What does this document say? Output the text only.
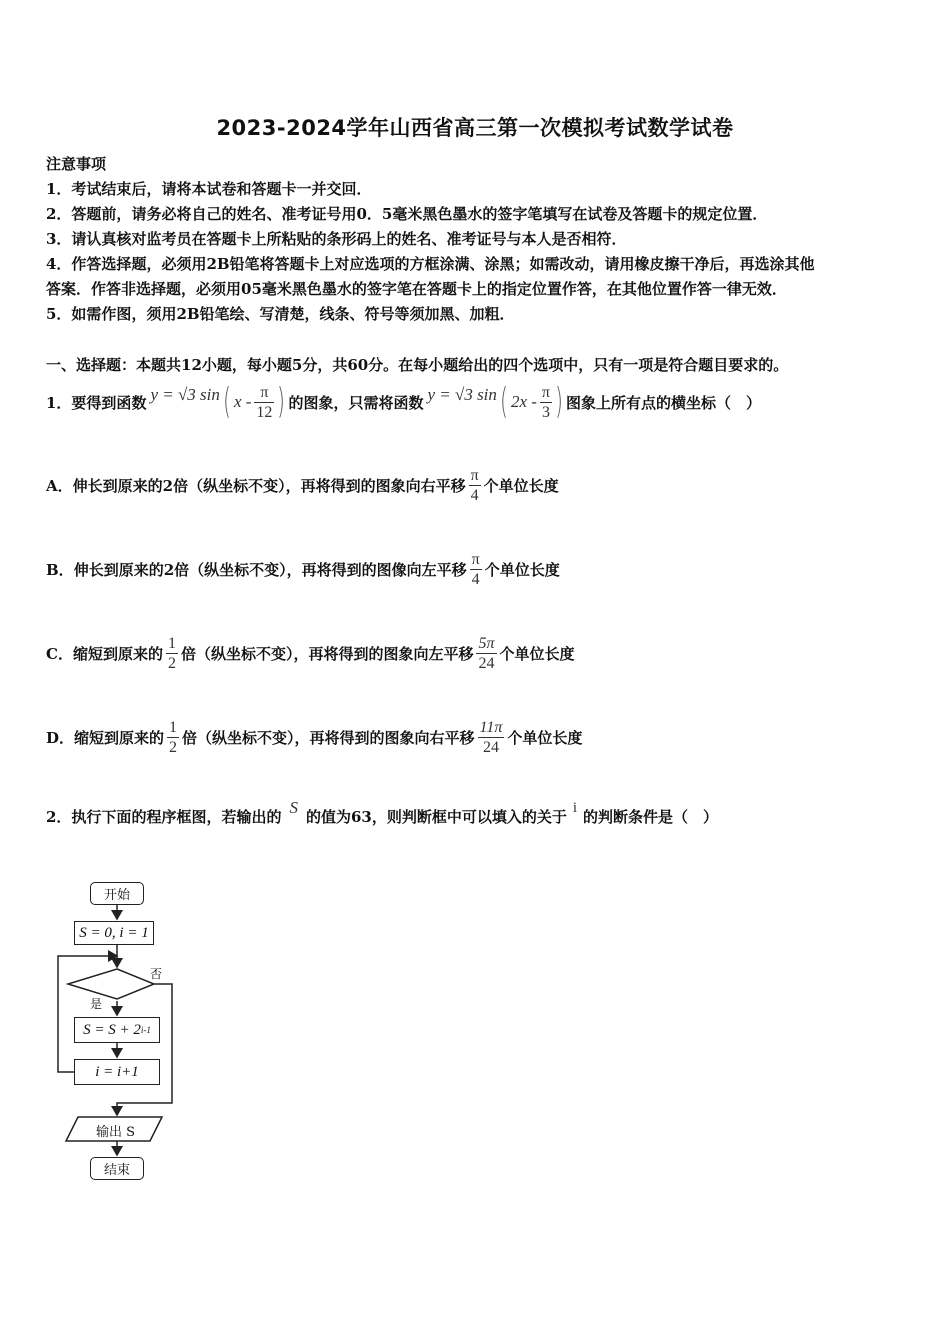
2023-2024学年山西省高三第一次模拟考试数学试卷
注意事项
1．考试结束后，请将本试卷和答题卡一并交回．
2．答题前，请务必将自己的姓名、准考证号用0．5毫米黑色墨水的签字笔填写在试卷及答题卡的规定位置．
3．请认真核对监考员在答题卡上所粘贴的条形码上的姓名、准考证号与本人是否相符．
4．作答选择题，必须用2B铅笔将答题卡上对应选项的方框涂满、涂黑；如需改动，请用橡皮擦干净后，再选涂其他
答案．作答非选择题，必须用05毫米黑色墨水的签字笔在答题卡上的指定位置作答，在其他位置作答一律无效．
5．如需作图，须用2B铅笔绘、写清楚，线条、符号等须加黑、加粗．
一、选择题：本题共12小题，每小题5分，共60分。在每小题给出的四个选项中，只有一项是符合题目要求的。
1．要得到函数 y = √3 sin ( x - $\frac{\pi}{12}$ ) 的图象，只需将函数 y = √3 sin ( $2x - \frac{\pi}{3}$ ) 图象上所有点的横坐标（　）
A． 伸长到原来的2倍（纵坐标不变），再将得到的图象向右平移 $\frac{\pi}{4}$ 个单位长度
B． 伸长到原来的2倍（纵坐标不变），再将得到的图像向左平移 $\frac{\pi}{4}$ 个单位长度
C． 缩短到原来的 $\frac{1}{2}$ 倍（纵坐标不变），再将得到的图象向左平移 $\frac{5\pi}{24}$ 个单位长度
D． 缩短到原来的 $\frac{1}{2}$ 倍（纵坐标不变），再将得到的图象向右平移 $\frac{11\pi}{24}$ 个单位长度
2．执行下面的程序框图，若输出的 S 的值为63，则判断框中可以填入的关于 i 的判断条件是（　）
开始
S = 0, i = 1
否
是
S = S + 2 i-1
i = i+1
输出 S
结束
